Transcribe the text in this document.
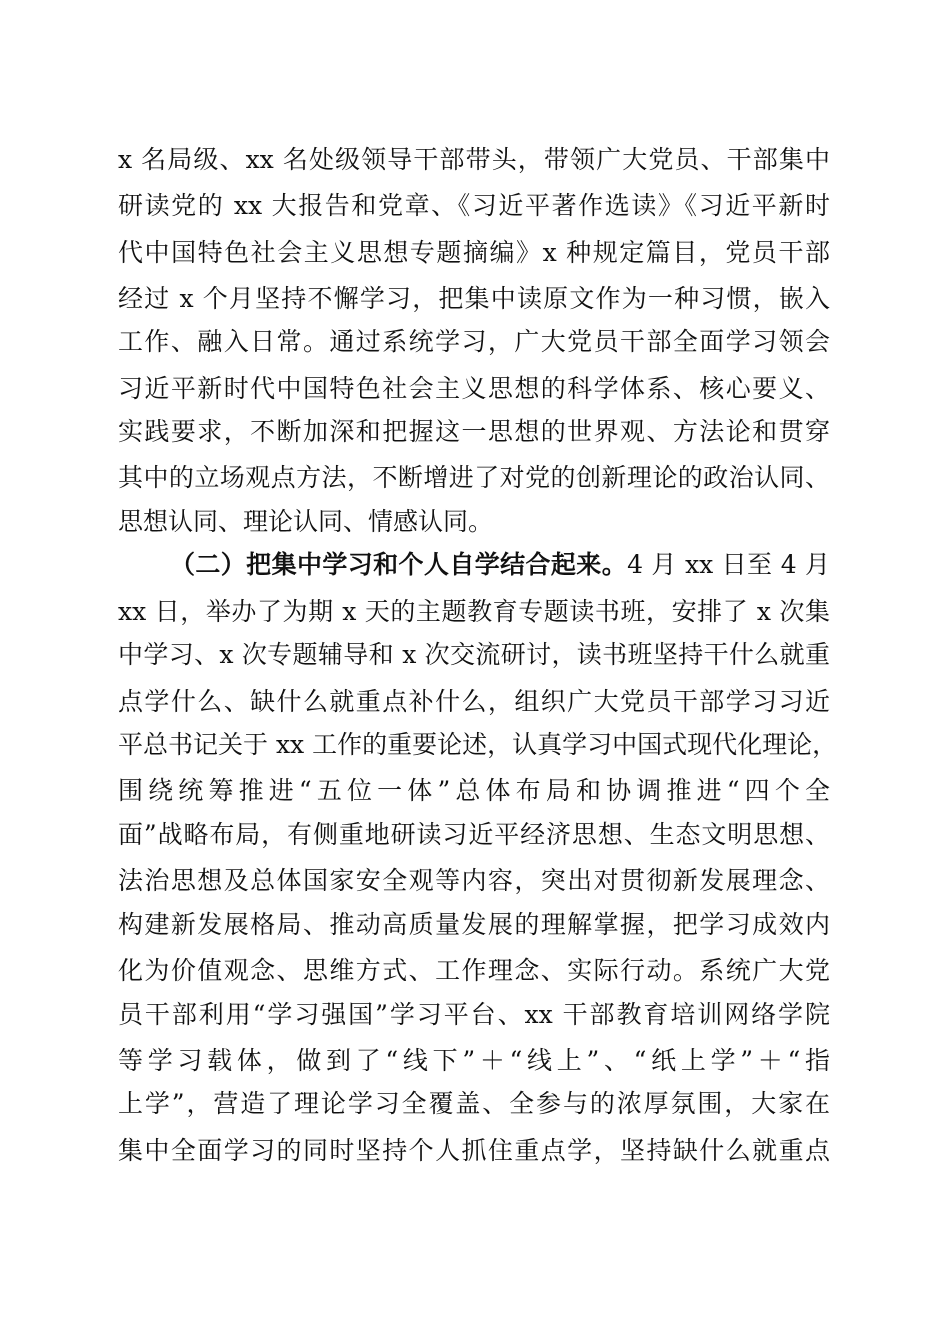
x 名局级、xx 名处级领导干部带头，带领广大党员、干部集中
研读党的 xx 大报告和党章、《习近平著作选读》《习近平新时
代中国特色社会主义思想专题摘编》x 种规定篇目，党员干部
经过 x 个月坚持不懈学习，把集中读原文作为一种习惯，嵌入
工作、融入日常。通过系统学习，广大党员干部全面学习领会
习近平新时代中国特色社会主义思想的科学体系、核心要义、
实践要求，不断加深和把握这一思想的世界观、方法论和贯穿
其中的立场观点方法，不断增进了对党的创新理论的政治认同、
思想认同、理论认同、情感认同。
（二）把集中学习和个人自学结合起来。4 月 xx 日至 4 月
xx 日，举办了为期 x 天的主题教育专题读书班，安排了 x 次集
中学习、x 次专题辅导和 x 次交流研讨，读书班坚持干什么就重
点学什么、缺什么就重点补什么，组织广大党员干部学习习近
平总书记关于 xx 工作的重要论述，认真学习中国式现代化理论，
围绕统筹推进“五位一体”总体布局和协调推进“四个全
面”战略布局，有侧重地研读习近平经济思想、生态文明思想、
法治思想及总体国家安全观等内容，突出对贯彻新发展理念、
构建新发展格局、推动高质量发展的理解掌握，把学习成效内
化为价值观念、思维方式、工作理念、实际行动。系统广大党
员干部利用“学习强国”学习平台、xx 干部教育培训网络学院
等学习载体，做到了“线下”＋“线上”、“纸上学”＋“指
上学”，营造了理论学习全覆盖、全参与的浓厚氛围，大家在
集中全面学习的同时坚持个人抓住重点学，坚持缺什么就重点
